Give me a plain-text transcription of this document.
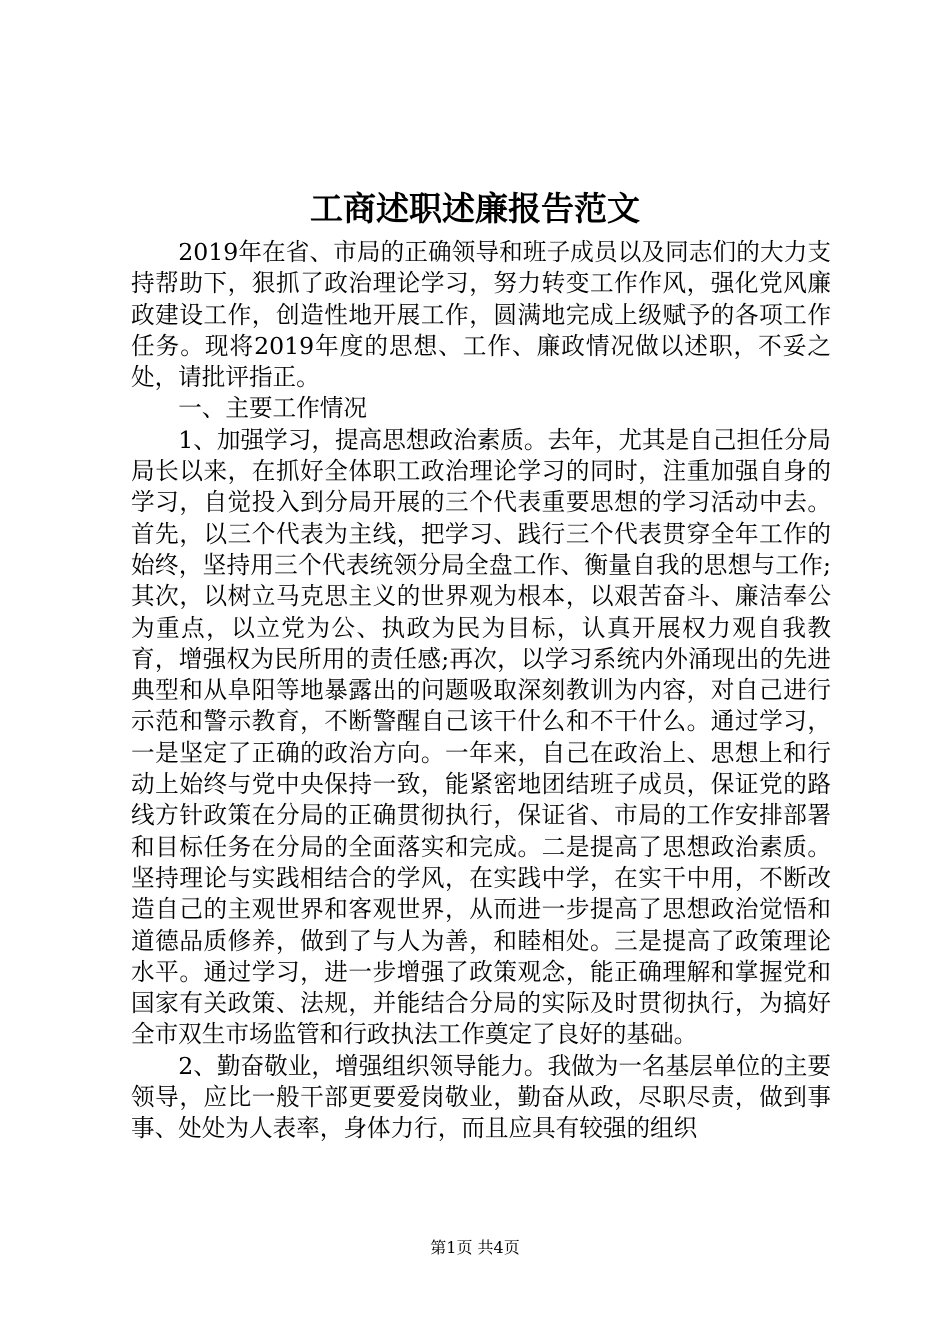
工商述职述廉报告范文

2019年在省、市局的正确领导和班子成员以及同志们的大力支持帮助下，狠抓了政治理论学习，努力转变工作作风，强化党风廉政建设工作，创造性地开展工作，圆满地完成上级赋予的各项工作任务。现将2019年度的思想、工作、廉政情况做以述职，不妥之处，请批评指正。

一、主要工作情况

1、加强学习，提高思想政治素质。去年，尤其是自己担任分局局长以来，在抓好全体职工政治理论学习的同时，注重加强自身的学习，自觉投入到分局开展的三个代表重要思想的学习活动中去。首先，以三个代表为主线，把学习、践行三个代表贯穿全年工作的始终，坚持用三个代表统领分局全盘工作、衡量自我的思想与工作;其次，以树立马克思主义的世界观为根本，以艰苦奋斗、廉洁奉公为重点，以立党为公、执政为民为目标，认真开展权力观自我教育，增强权为民所用的责任感;再次，以学习系统内外涌现出的先进典型和从阜阳等地暴露出的问题吸取深刻教训为内容，对自己进行示范和警示教育，不断警醒自己该干什么和不干什么。通过学习，一是坚定了正确的政治方向。一年来，自己在政治上、思想上和行动上始终与党中央保持一致，能紧密地团结班子成员，保证党的路线方针政策在分局的正确贯彻执行，保证省、市局的工作安排部署和目标任务在分局的全面落实和完成。二是提高了思想政治素质。坚持理论与实践相结合的学风，在实践中学，在实干中用，不断改造自己的主观世界和客观世界，从而进一步提高了思想政治觉悟和道德品质修养，做到了与人为善，和睦相处。三是提高了政策理论水平。通过学习，进一步增强了政策观念，能正确理解和掌握党和国家有关政策、法规，并能结合分局的实际及时贯彻执行，为搞好全市双生市场监管和行政执法工作奠定了良好的基础。

2、勤奋敬业，增强组织领导能力。我做为一名基层单位的主要领导，应比一般干部更要爱岗敬业，勤奋从政，尽职尽责，做到事事、处处为人表率，身体力行，而且应具有较强的组织

第1页 共4页
